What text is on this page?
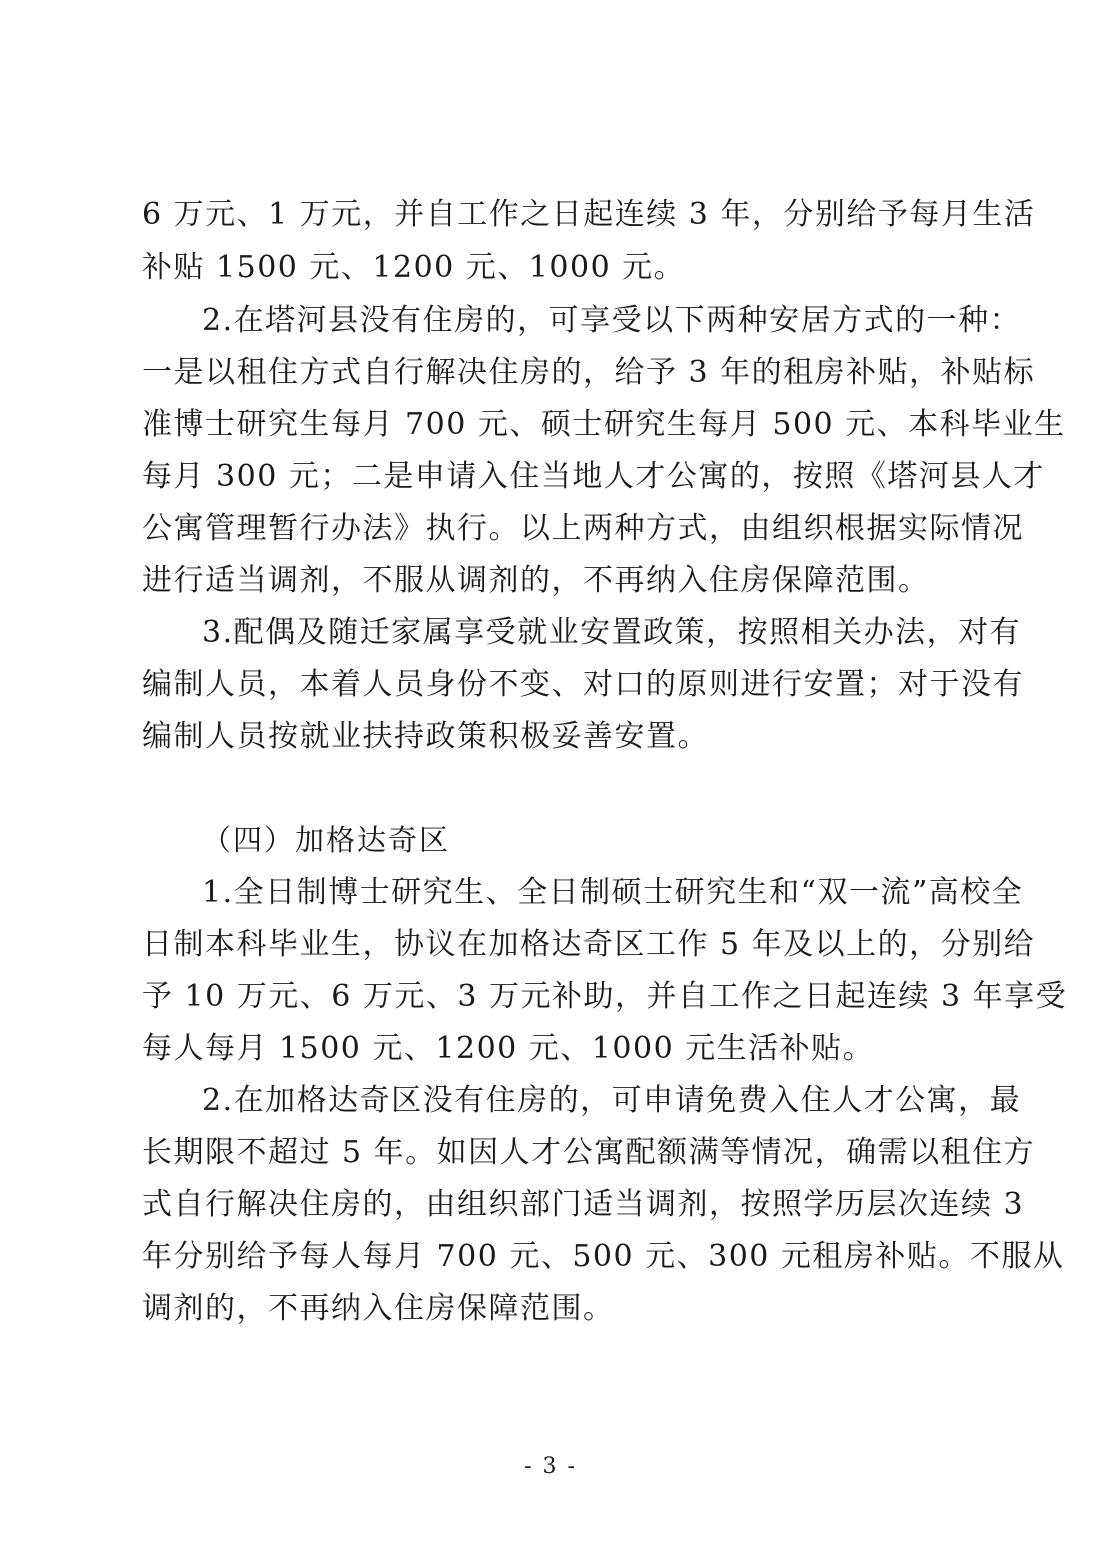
6 万元、1 万元，并自工作之日起连续 3 年，分别给予每月生活
补贴 1500 元、1200 元、1000 元。
2.在塔河县没有住房的，可享受以下两种安居方式的一种：
一是以租住方式自行解决住房的，给予 3 年的租房补贴，补贴标
准博士研究生每月 700 元、硕士研究生每月 500 元、本科毕业生
每月 300 元；二是申请入住当地人才公寓的，按照《塔河县人才
公寓管理暂行办法》执行。以上两种方式，由组织根据实际情况
进行适当调剂，不服从调剂的，不再纳入住房保障范围。
3.配偶及随迁家属享受就业安置政策，按照相关办法，对有
编制人员，本着人员身份不变、对口的原则进行安置；对于没有
编制人员按就业扶持政策积极妥善安置。
（四）加格达奇区
1.全日制博士研究生、全日制硕士研究生和“双一流”高校全
日制本科毕业生，协议在加格达奇区工作 5 年及以上的，分别给
予 10 万元、6 万元、3 万元补助，并自工作之日起连续 3 年享受
每人每月 1500 元、1200 元、1000 元生活补贴。
2.在加格达奇区没有住房的，可申请免费入住人才公寓，最
长期限不超过 5 年。如因人才公寓配额满等情况，确需以租住方
式自行解决住房的，由组织部门适当调剂，按照学历层次连续 3
年分别给予每人每月 700 元、500 元、300 元租房补贴。不服从
调剂的，不再纳入住房保障范围。
- 3 -
